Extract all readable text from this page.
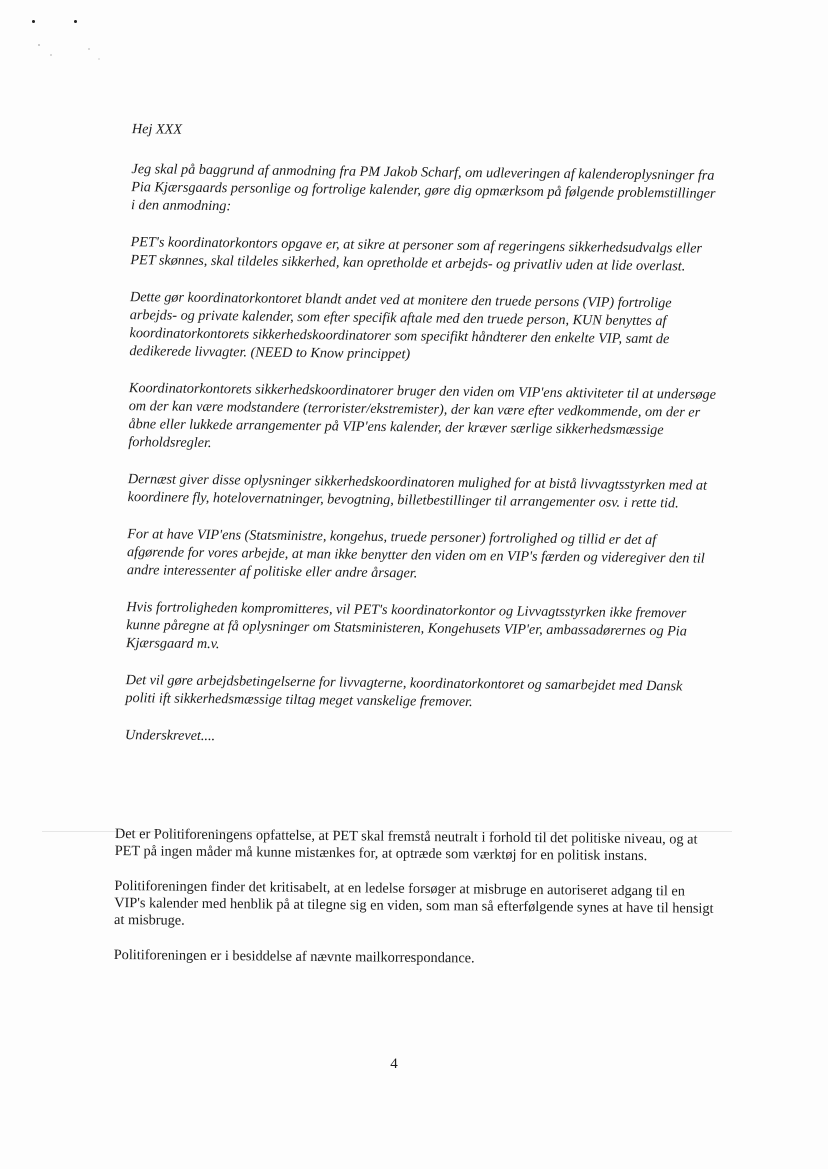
Hej XXX

Jeg skal på baggrund af anmodning fra PM Jakob Scharf, om udleveringen af kalenderoplysninger fra Pia Kjærsgaards personlige og fortrolige kalender, gøre dig opmærksom på følgende problemstillinger i den anmodning:

PET's koordinatorkontors opgave er, at sikre at personer som af regeringens sikkerhedsudvalgs eller PET skønnes, skal tildeles sikkerhed, kan opretholde et arbejds- og privatliv uden at lide overlast.

Dette gør koordinatorkontoret blandt andet ved at monitere den truede persons (VIP) fortrolige arbejds- og private kalender, som efter specifik aftale med den truede person, KUN benyttes af koordinatorkontorets sikkerhedskoordinatorer som specifikt håndterer den enkelte VIP, samt de dedikerede livvagter. (NEED to Know princippet)

Koordinatorkontorets sikkerhedskoordinatorer bruger den viden om VIP'ens aktiviteter til at undersøge om der kan være modstandere (terrorister/ekstremister), der kan være efter vedkommende, om der er åbne eller lukkede arrangementer på VIP'ens kalender, der kræver særlige sikkerhedsmæssige forholdsregler.

Dernæst giver disse oplysninger sikkerhedskoordinatoren mulighed for at bistå livvagtsstyrken med at koordinere fly, hotelovernatninger, bevogtning, billetbestillinger til arrangementer osv. i rette tid.

For at have VIP'ens (Statsministre, kongehus, truede personer) fortrolighed og tillid er det af afgørende for vores arbejde, at man ikke benytter den viden om en VIP's færden og videregiver den til andre interessenter af politiske eller andre årsager.

Hvis fortroligheden kompromitteres, vil PET's koordinatorkontor og Livvagtsstyrken ikke fremover kunne påregne at få oplysninger om Statsministeren, Kongehusets VIP'er, ambassadørernes og Pia Kjærsgaard m.v.

Det vil gøre arbejdsbetingelserne for livvagterne, koordinatorkontoret og samarbejdet med Dansk politi ift sikkerhedsmæssige tiltag meget vanskelige fremover.

Underskrevet....

Det er Politiforeningens opfattelse, at PET skal fremstå neutralt i forhold til det politiske niveau, og at PET på ingen måder må kunne mistænkes for, at optræde som værktøj for en politisk instans.

Politiforeningen finder det kritisabelt, at en ledelse forsøger at misbruge en autoriseret adgang til en VIP's kalender med henblik på at tilegne sig en viden, som man så efterfølgende synes at have til hensigt at misbruge.

Politiforeningen er i besiddelse af nævnte mailkorrespondance.

4
